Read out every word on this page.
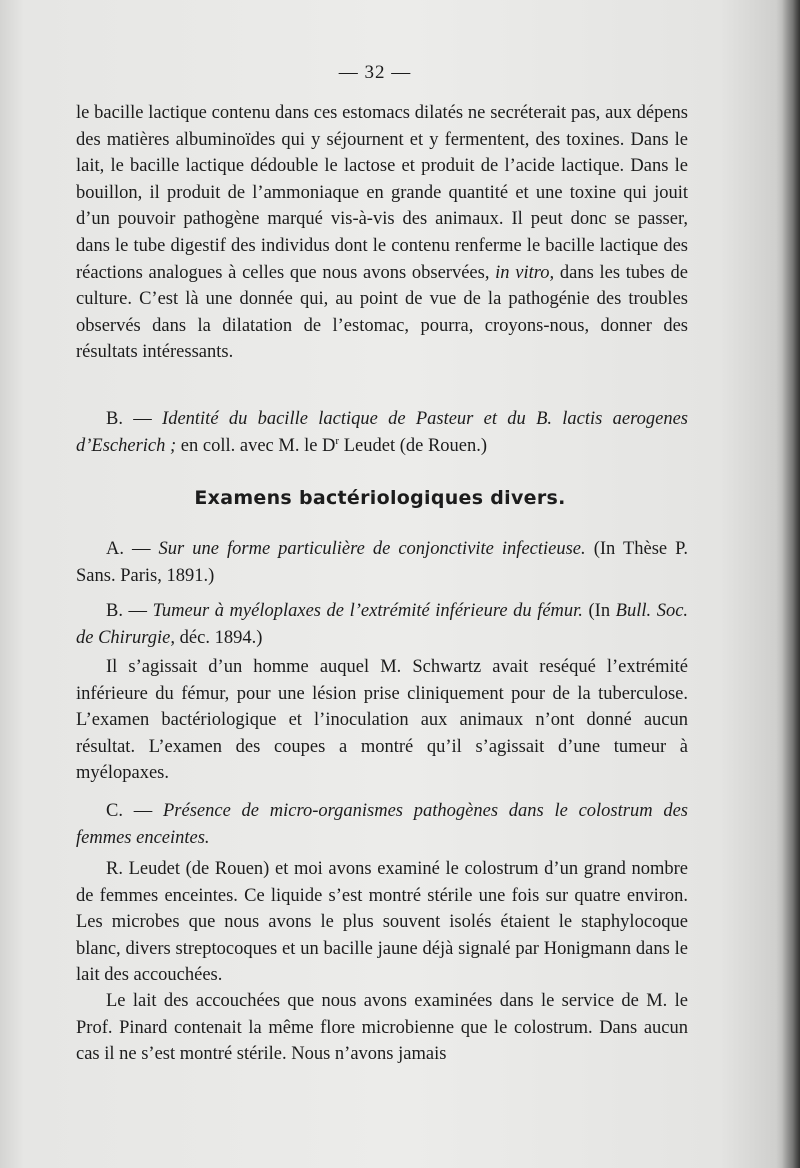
— 32 —

le bacille lactique contenu dans ces estomacs dilatés ne secréterait pas, aux dépens des matières albuminoïdes qui y séjournent et y fermentent, des toxines. Dans le lait, le bacille lactique dédouble le lactose et produit de l’acide lactique. Dans le bouillon, il produit de l’ammoniaque en grande quantité et une toxine qui jouit d’un pouvoir pathogène marqué vis-à-vis des animaux. Il peut donc se passer, dans le tube digestif des individus dont le contenu renferme le bacille lactique des réactions analogues à celles que nous avons observées, in vitro, dans les tubes de culture. C’est là une donnée qui, au point de vue de la pathogénie des troubles observés dans la dilatation de l’estomac, pourra, croyons-nous, donner des résultats intéressants.

B. — Identité du bacille lactique de Pasteur et du B. lactis aerogenes d’Escherich ; en coll. avec M. le $D^r$ Leudet (de Rouen.)

Examens bactériologiques divers.

A. — Sur une forme particulière de conjonctivite infectieuse. (In Thèse P. Sans. Paris, 1891.)

B. — Tumeur à myéloplaxes de l’extrémité inférieure du fémur. (In Bull. Soc. de Chirurgie, déc. 1894.)

Il s’agissait d’un homme auquel M. Schwartz avait reséqué l’extrémité inférieure du fémur, pour une lésion prise cliniquement pour de la tuberculose. L’examen bactériologique et l’inoculation aux animaux n’ont donné aucun résultat. L’examen des coupes a montré qu’il s’agissait d’une tumeur à myélopaxes.

C. — Présence de micro-organismes pathogènes dans le colostrum des femmes enceintes.

R. Leudet (de Rouen) et moi avons examiné le colostrum d’un grand nombre de femmes enceintes. Ce liquide s’est montré stérile une fois sur quatre environ. Les microbes que nous avons le plus souvent isolés étaient le staphylocoque blanc, divers streptocoques et un bacille jaune déjà signalé par Honigmann dans le lait des accouchées.

Le lait des accouchées que nous avons examinées dans le service de M. le Prof. Pinard contenait la même flore microbienne que le colostrum. Dans aucun cas il ne s’est montré stérile. Nous n’avons jamais
